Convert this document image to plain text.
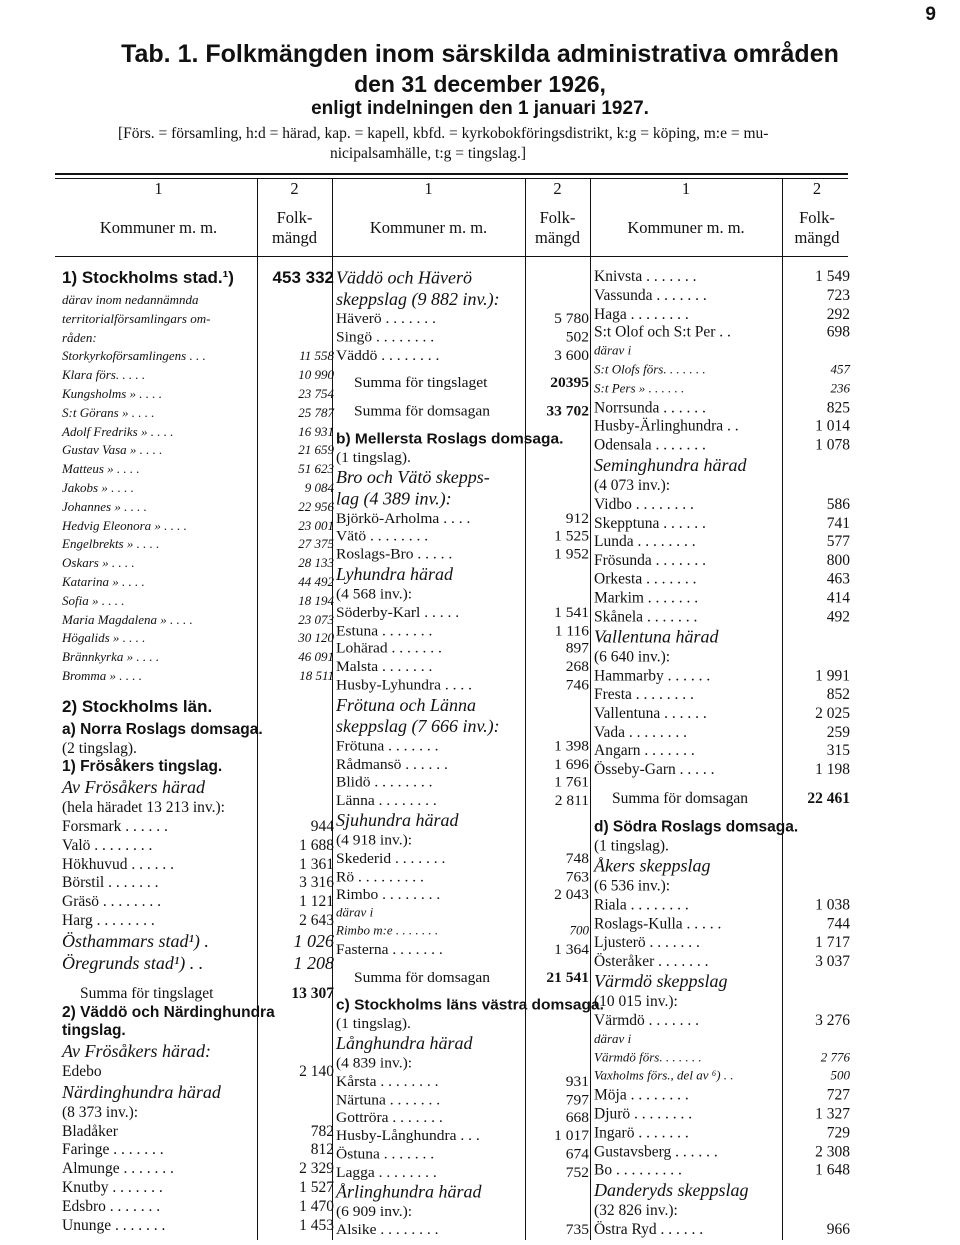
9
Tab. 1. Folkmängden inom särskilda administrativa områden
den 31 december 1926,
enligt indelningen den 1 januari 1927.
[Förs. = församling, h:d = härad, kap. = kapell, kbfd. = kyrkobokföringsdistrikt, k:g = köping, m:e = mu-
nicipalsamhälle, t:g = tingslag.]
1	2	1	2	1	2
Kommuner m. m.
Folk-
mängd
Kommuner m. m.
Folk-
mängd
Kommuner m. m.
Folk-
mängd
1) Stockholms stad.¹) 453 332
därav inom nedannämnda
territorialförsamlingars om-
råden:
Storkyrkoförsamlingens . . .	11 558
Klara förs. . . . .	10 990
Kungsholms » . . . .	23 754
S:t Görans » . . . .	25 787
Adolf Fredriks » . . . .	16 931
Gustav Vasa » . . . .	21 659
Matteus » . . . .	51 623
Jakobs » . . . .	9 084
Johannes » . . . .	22 956
Hedvig Eleonora » . . . .	23 001
Engelbrekts » . . . .	27 375
Oskars » . . . .	28 133
Katarina » . . . .	44 492
Sofia » . . . .	18 194
Maria Magdalena » . . . .	23 073
Högalids » . . . .	30 120
Brännkyrka » . . . .	46 091
Bromma » . . . .	18 511
2) Stockholms län.
a) Norra Roslags domsaga.
(2 tingslag).
1) Frösåkers tingslag.
Av Frösåkers härad
(hela häradet 13 213 inv.):
Forsmark . . . . . .	944
Valö . . . . . . . .	1 688
Hökhuvud . . . . . .	1 361
Börstil . . . . . . .	3 316
Gräsö . . . . . . . .	1 121
Harg . . . . . . . .	2 643
Östhammars stad¹) .	1 026
Öregrunds stad¹) . .	1 208
Summa för tingslaget	13 307
2) Väddö och Närdinghundra
tingslag.
Av Frösåkers härad:
Edebo	2 140
Närdinghundra härad
(8 373 inv.):
Bladåker	782
Faringe . . . . . . .	812
Almunge . . . . . . .	2 329
Knutby . . . . . . .	1 527
Edsbro . . . . . . .	1 470
Ununge . . . . . . .	1 453
Väddö och Häverö
skeppslag (9 882 inv.):
Häverö . . . . . . .	5 780
Singö . . . . . . . .	502
Väddö . . . . . . . .	3 600
Summa för tingslaget	20395
Summa för domsagan	33 702
b) Mellersta Roslags domsaga.
(1 tingslag).
Bro och Vätö skepps-
lag (4 389 inv.):
Björkö-Arholma . . . .	912
Vätö . . . . . . . .	1 525
Roslags-Bro . . . . .	1 952
Lyhundra härad
(4 568 inv.):
Söderby-Karl . . . . .	1 541
Estuna . . . . . . .	1 116
Lohärad . . . . . . .	897
Malsta . . . . . . .	268
Husby-Lyhundra . . . .	746
Frötuna och Länna
skeppslag (7 666 inv.):
Frötuna . . . . . . .	1 398
Rådmansö . . . . . .	1 696
Blidö . . . . . . . .	1 761
Länna . . . . . . . .	2 811
Sjuhundra härad
(4 918 inv.):
Skederid . . . . . . .	748
Rö . . . . . . . . .	763
Rimbo . . . . . . . .	2 043
därav i
Rimbo m:e . . . . . . .	700
Fasterna . . . . . . .	1 364
Summa för domsagan	21 541
c) Stockholms läns västra domsaga.
(1 tingslag).
Långhundra härad
(4 839 inv.):
Kårsta . . . . . . . .	931
Närtuna . . . . . . .	797
Gottröra . . . . . . .	668
Husby-Långhundra . . .	1 017
Östuna . . . . . . .	674
Lagga . . . . . . . .	752
Årlinghundra härad
(6 909 inv.):
Alsike . . . . . . . .	735
Knivsta . . . . . . .	1 549
Vassunda . . . . . . .	723
Haga . . . . . . . .	292
S:t Olof och S:t Per . .	698
därav i
S:t Olofs förs. . . . . . .	457
S:t Pers » . . . . . .	236
Norrsunda . . . . . .	825
Husby-Ärlinghundra . .	1 014
Odensala . . . . . . .	1 078
Seminghundra härad
(4 073 inv.):
Vidbo . . . . . . . .	586
Skepptuna . . . . . .	741
Lunda . . . . . . . .	577
Frösunda . . . . . . .	800
Orkesta . . . . . . .	463
Markim . . . . . . .	414
Skånela . . . . . . .	492
Vallentuna härad
(6 640 inv.):
Hammarby . . . . . .	1 991
Fresta . . . . . . . .	852
Vallentuna . . . . . .	2 025
Vada . . . . . . . .	259
Angarn . . . . . . .	315
Össeby-Garn . . . . .	1 198
Summa för domsagan	22 461
d) Södra Roslags domsaga.
(1 tingslag).
Åkers skeppslag
(6 536 inv.):
Riala . . . . . . . .	1 038
Roslags-Kulla . . . . .	744
Ljusterö . . . . . . .	1 717
Österåker . . . . . . .	3 037
Värmdö skeppslag
(10 015 inv.):
Värmdö . . . . . . .	3 276
därav i
Värmdö förs. . . . . . .	2 776
Vaxholms förs., del av ⁶) . .	500
Möja . . . . . . . .	727
Djurö . . . . . . . .	1 327
Ingarö . . . . . . .	729
Gustavsberg . . . . . .	2 308
Bo . . . . . . . . .	1 648
Danderyds skeppslag
(32 826 inv.):
Östra Ryd . . . . . .	966
